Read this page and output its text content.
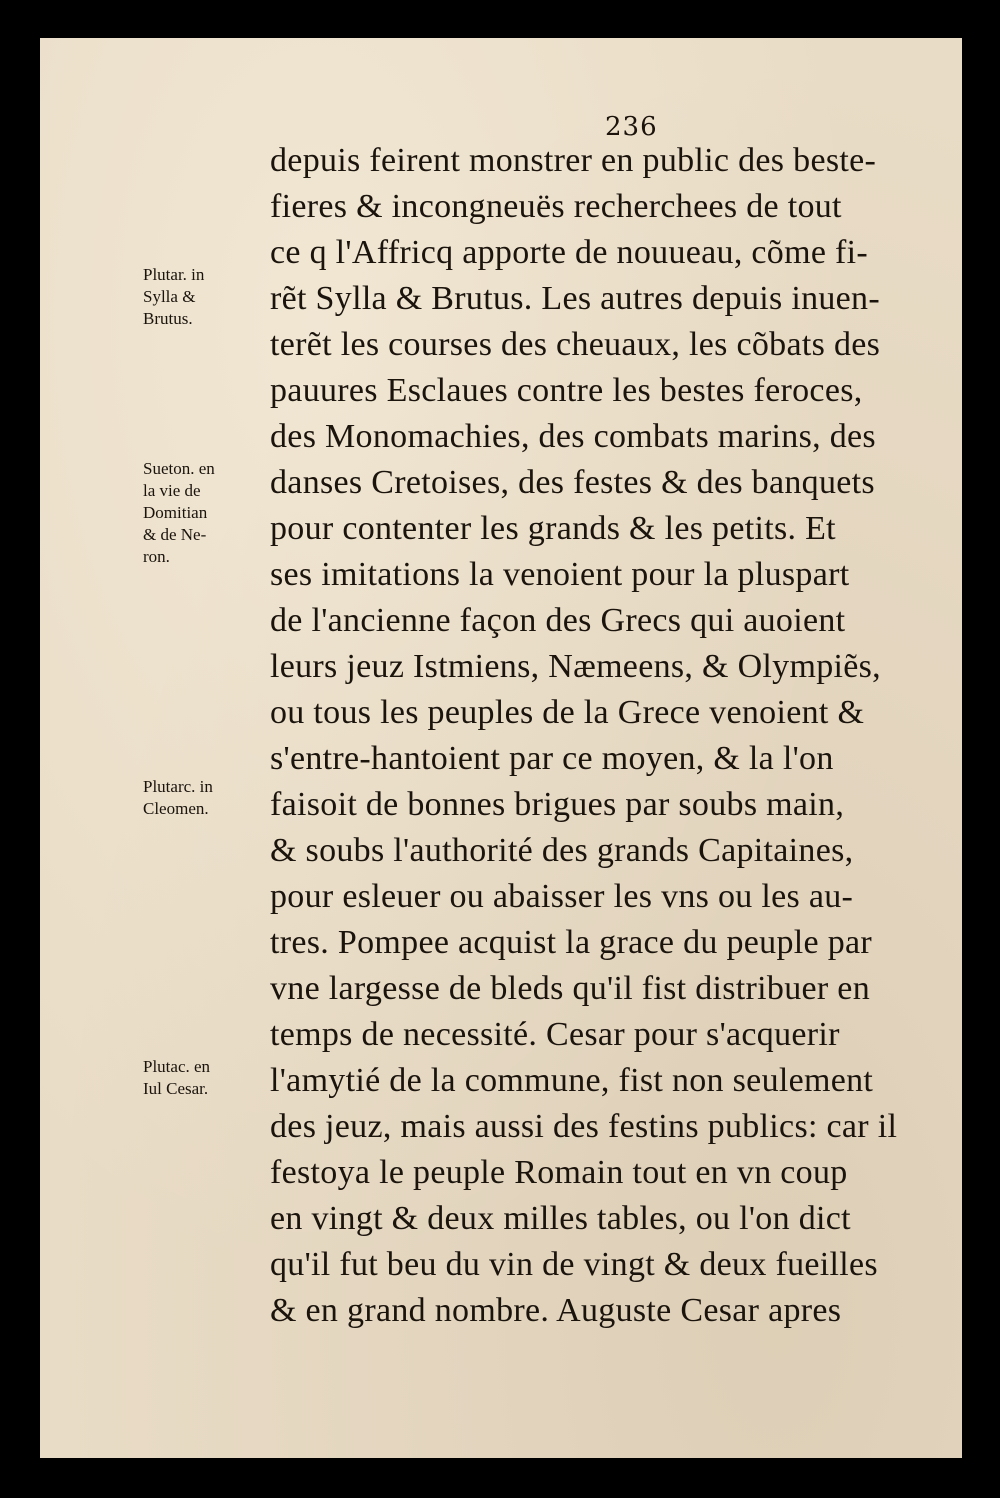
236
depuis feirent monstrer en public des beste-
fieres & incongneuës recherchees de tout
ce q l'Affricq apporte de nouueau, cõme fi-
rẽt Sylla & Brutus. Les autres depuis inuen-
terẽt les courses des cheuaux, les cõbats des
pauures Esclaues contre les bestes feroces,
des Monomachies, des combats marins, des
danses Cretoises, des festes & des banquets
pour contenter les grands & les petits. Et
ses imitations la venoient pour la pluspart
de l'ancienne façon des Grecs qui auoient
leurs jeuz Istmiens, Næmeens, & Olympiẽs,
ou tous les peuples de la Grece venoient &
s'entre-hantoient par ce moyen, & la l'on
faisoit de bonnes brigues par soubs main,
& soubs l'authorité des grands Capitaines,
pour esleuer ou abaisser les vns ou les au-
tres. Pompee acquist la grace du peuple par
vne largesse de bleds qu'il fist distribuer en
temps de necessité. Cesar pour s'acquerir
l'amytié de la commune, fist non seulement
des jeuz, mais aussi des festins publics: car il
festoya le peuple Romain tout en vn coup
en vingt & deux milles tables, ou l'on dict
qu'il fut beu du vin de vingt & deux fueilles
& en grand nombre. Auguste Cesar apres
Plutar. in
Sylla &
Brutus.
Sueton. en
la vie de
Domitian
& de Ne-
ron.
Plutarc. in
Cleomen.
Plutac. en
Iul Cesar.
